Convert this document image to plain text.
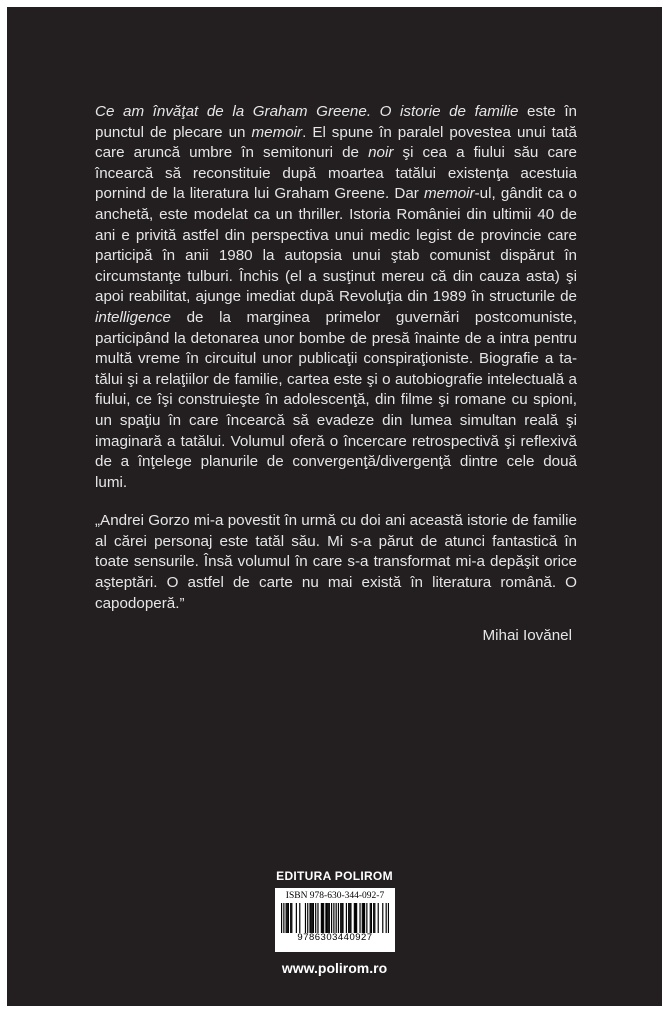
Ce am învăţat de la Graham Greene. O istorie de familie este în punctul de plecare un memoir. El spune în paralel povestea unui tată care aruncă umbre în semitonuri de noir şi cea a fiului său care încearcă să reconstituie după moartea tatălui existenţa acestuia pornind de la literatura lui Graham Greene. Dar memoir-ul, gândit ca o anchetă, este modelat ca un thriller. Istoria României din ultimii 40 de ani e privită astfel din perspectiva unui medic legist de provincie care participă în anii 1980 la autopsia unui ştab comunist dispărut în circumstanţe tulburi. Închis (el a susţinut mereu că din cauza asta) şi apoi reabilitat, ajunge imediat după Revoluţia din 1989 în structurile de intelligence de la marginea primelor guvernări postcomuniste, participând la detonarea unor bombe de presă înainte de a intra pentru multă vreme în circuitul unor publicaţii conspiraţioniste. Biografie a tatălui şi a relaţiilor de familie, cartea este şi o autobiografie intelectuală a fiului, ce îşi construieşte în adolescenţă, din filme şi romane cu spioni, un spaţiu în care încearcă să evadeze din lumea simultan reală şi imaginară a tatălui. Volumul oferă o încercare retrospectivă şi reflexivă de a înţelege planurile de convergenţă/divergenţă dintre cele două lumi.

„Andrei Gorzo mi-a povestit în urmă cu doi ani această istorie de familie al cărei personaj este tatăl său. Mi s-a părut de atunci fantastică în toate sensurile. Însă volumul în care s-a transformat mi-a depăşit orice aşteptări. O astfel de carte nu mai există în literatura română. O capodoperă.”

Mihai Iovănel
EDITURA POLIROM
ISBN 978-630-344-092-7
9786303440927
www.polirom.ro
